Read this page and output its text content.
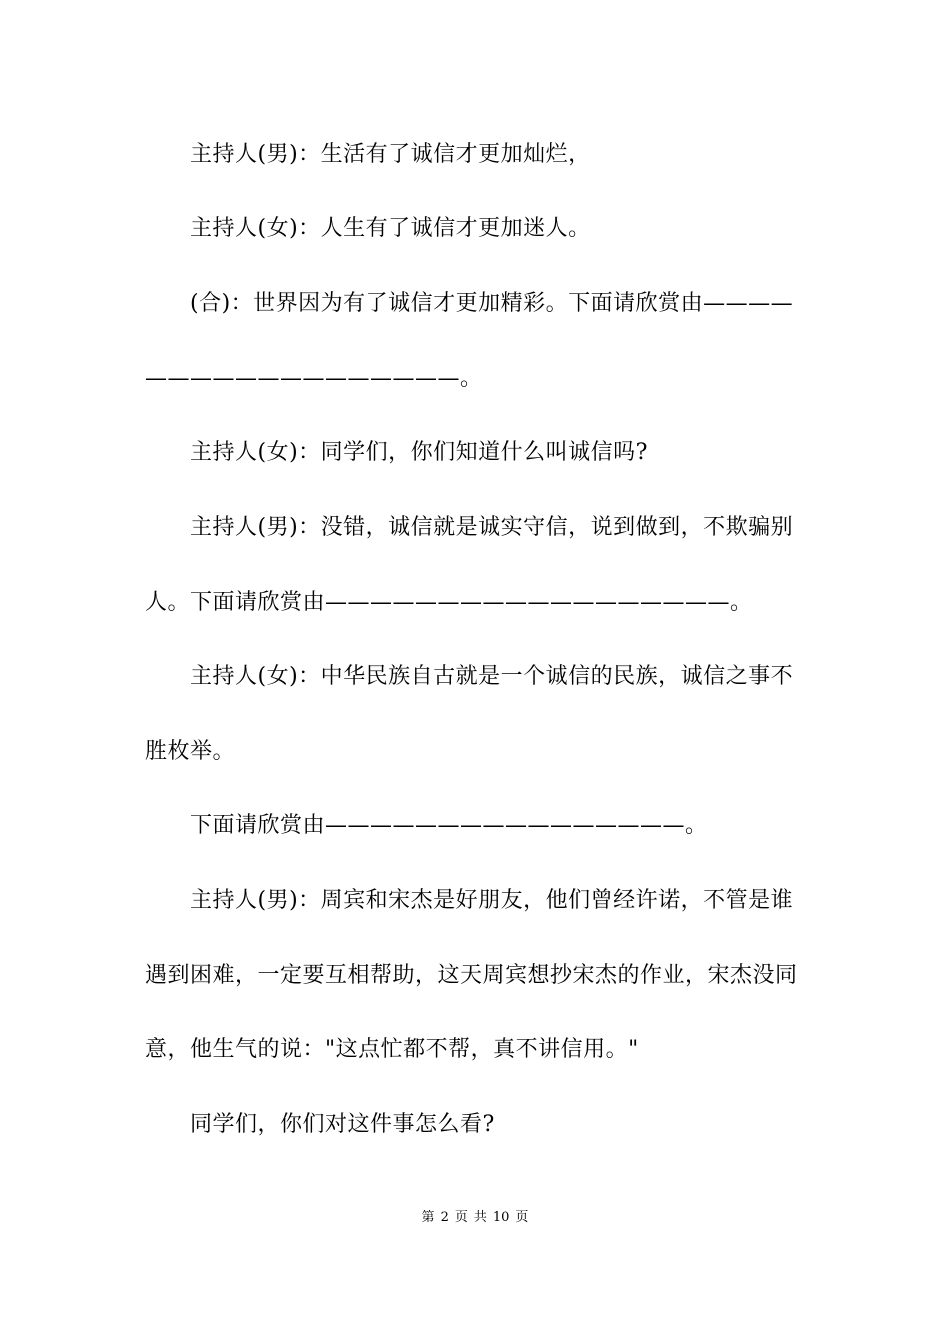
主持人(男)：生活有了诚信才更加灿烂，
主持人(女)：人生有了诚信才更加迷人。
(合)：世界因为有了诚信才更加精彩。下面请欣赏由————
——————————————。
主持人(女)：同学们，你们知道什么叫诚信吗?
主持人(男)：没错，诚信就是诚实守信，说到做到，不欺骗别
人。下面请欣赏由——————————————————。
主持人(女)：中华民族自古就是一个诚信的民族，诚信之事不
胜枚举。
下面请欣赏由————————————————。
主持人(男)：周宾和宋杰是好朋友，他们曾经许诺，不管是谁
遇到困难，一定要互相帮助，这天周宾想抄宋杰的作业，宋杰没同
意，他生气的说："这点忙都不帮，真不讲信用。"
同学们，你们对这件事怎么看?
第 2 页 共 10 页
